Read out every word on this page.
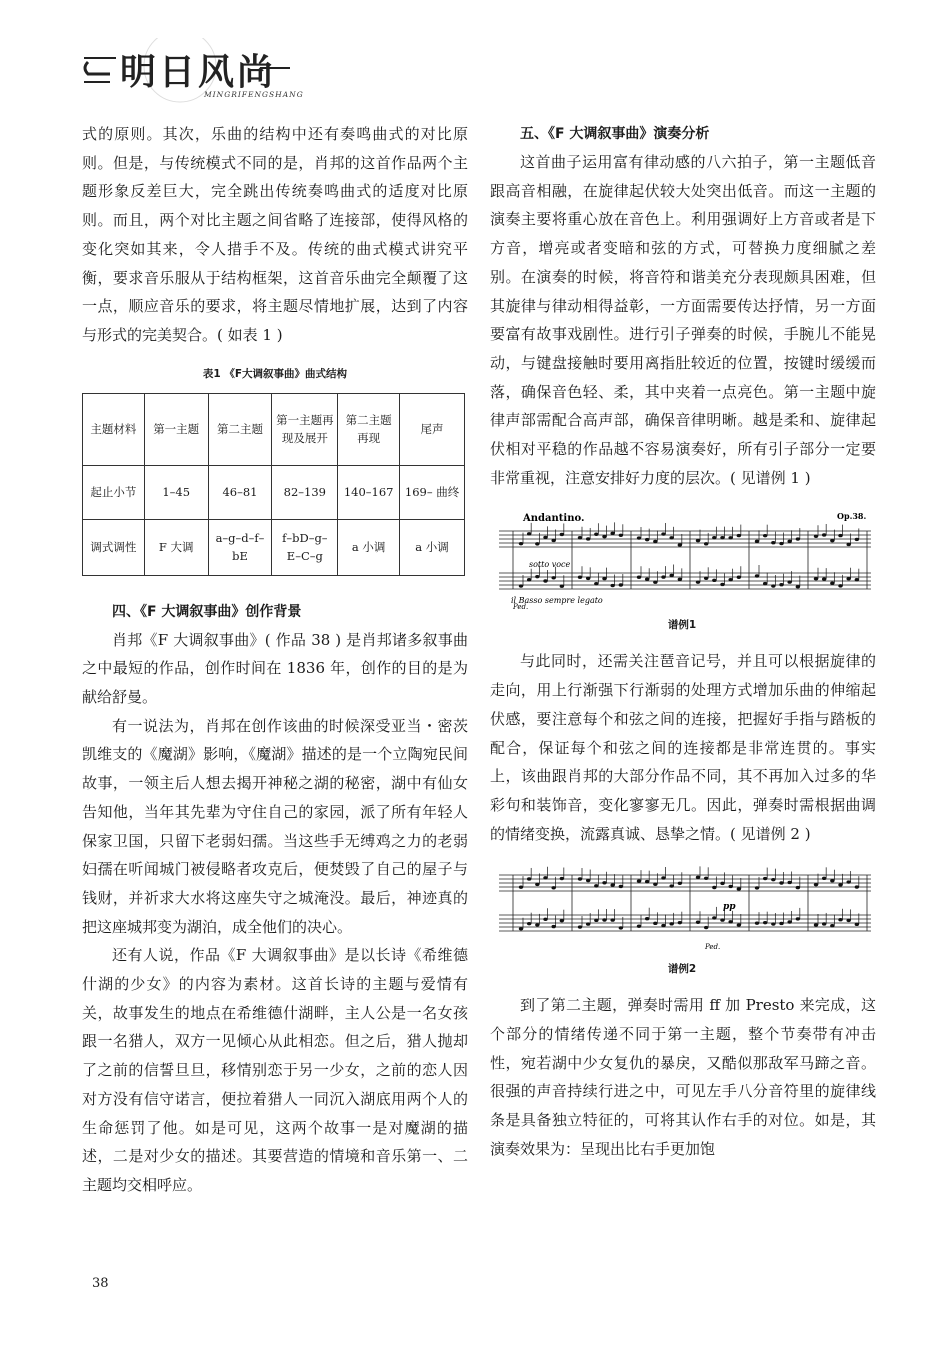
明日风尚
MINGRIFENGSHANG

式的原则。其次，乐曲的结构中还有奏鸣曲式的对比原则。但是，与传统模式不同的是，肖邦的这首作品两个主题形象反差巨大，完全跳出传统奏鸣曲式的适度对比原则。而且，两个对比主题之间省略了连接部，使得风格的变化突如其来，令人措手不及。传统的曲式模式讲究平衡，要求音乐服从于结构框架，这首音乐曲完全颠覆了这一点，顺应音乐的要求，将主题尽情地扩展，达到了内容与形式的完美契合。( 如表 1 )

表1 《F大调叙事曲》曲式结构
主题材料	第一主题	第二主题	第一主题再现及展开	第二主题再现	尾声
起止小节	1–45	46–81	82–139	140–167	169– 曲终
调式调性	F 大调	a–g–d–f–bE	f–bD–g–E–C–g	a 小调	a 小调
四、《F 大调叙事曲》创作背景

肖邦《F 大调叙事曲》( 作品 38 ) 是肖邦诸多叙事曲之中最短的作品，创作时间在 1836 年，创作的目的是为献给舒曼。

有一说法为，肖邦在创作该曲的时候深受亚当・密茨凯维支的《魔湖》影响，《魔湖》描述的是一个立陶宛民间故事，一领主后人想去揭开神秘之湖的秘密，湖中有仙女告知他，当年其先辈为守住自己的家园，派了所有年轻人保家卫国，只留下老弱妇孺。当这些手无缚鸡之力的老弱妇孺在听闻城门被侵略者攻克后，便焚毁了自己的屋子与钱财，并祈求大水将这座失守之城淹没。最后，神迹真的把这座城邦变为湖泊，成全他们的决心。

还有人说，作品《F 大调叙事曲》是以长诗《希维德什湖的少女》的内容为素材。这首长诗的主题与爱情有关，故事发生的地点在希维德什湖畔，主人公是一名女孩跟一名猎人，双方一见倾心从此相恋。但之后，猎人抛却了之前的信誓旦旦，移情别恋于另一少女，之前的恋人因对方没有信守诺言，便拉着猎人一同沉入湖底用两个人的生命惩罚了他。如是可见，这两个故事一是对魔湖的描述，二是对少女的描述。其要营造的情境和音乐第一、二主题均交相呼应。

五、《F 大调叙事曲》演奏分析

这首曲子运用富有律动感的八六拍子，第一主题低音跟高音相融，在旋律起伏较大处突出低音。而这一主题的演奏主要将重心放在音色上。利用强调好上方音或者是下方音，增亮或者变暗和弦的方式，可替换力度细腻之差别。在演奏的时候，将音符和谐美充分表现颇具困难，但其旋律与律动相得益彰，一方面需要传达抒情，另一方面要富有故事戏剧性。进行引子弹奏的时候，手腕儿不能晃动，与键盘接触时要用离指肚较近的位置，按键时缓缓而落，确保音色轻、柔，其中夹着一点亮色。第一主题中旋律声部需配合高声部，确保音律明晰。越是柔和、旋律起伏相对平稳的作品越不容易演奏好，所有引子部分一定要非常重视，注意安排好力度的层次。( 见谱例 1 )

Andantino.	Op.38.
sotto voce
il Basso sempre legato
Ped.
谱例1

与此同时，还需关注琶音记号，并且可以根据旋律的走向，用上行渐强下行渐弱的处理方式增加乐曲的伸缩起伏感，要注意每个和弦之间的连接，把握好手指与踏板的配合，保证每个和弦之间的连接都是非常连贯的。事实上，该曲跟肖邦的大部分作品不同，其不再加入过多的华彩句和装饰音，变化寥寥无几。因此，弹奏时需根据曲调的情绪变换，流露真诚、恳挚之情。( 见谱例 2 )

pp
Ped.
谱例2

到了第二主题，弹奏时需用 ff 加 Presto 来完成，这个部分的情绪传递不同于第一主题，整个节奏带有冲击性，宛若湖中少女复仇的暴戾，又酷似那敌军马蹄之音。很强的声音持续行进之中，可见左手八分音符里的旋律线条是具备独立特征的，可将其认作右手的对位。如是，其演奏效果为：呈现出比右手更加饱

38
